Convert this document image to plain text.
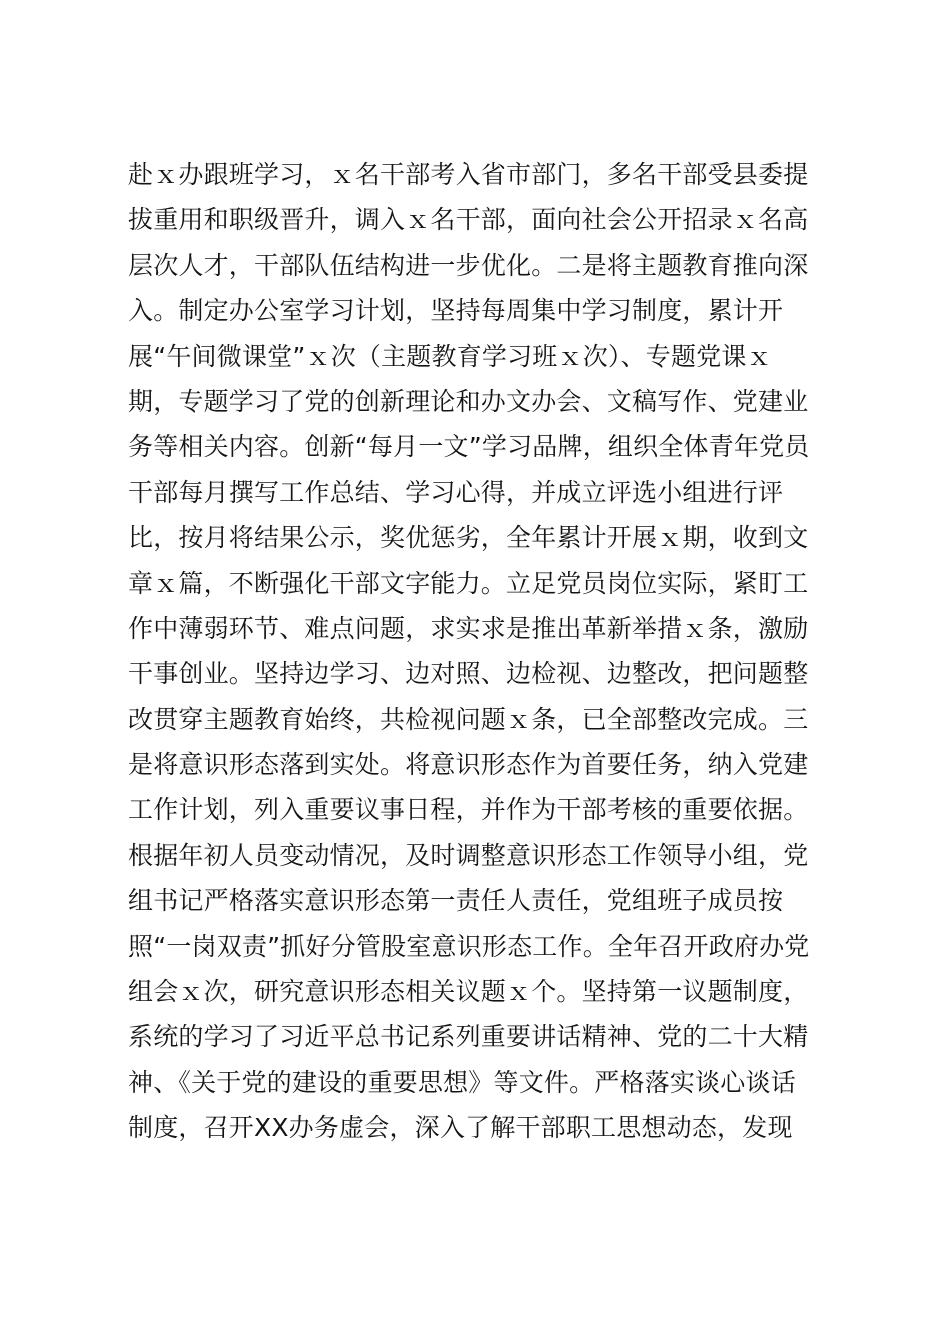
赴ｘ办跟班学习，ｘ名干部考入省市部门，多名干部受县委提
拔重用和职级晋升，调入ｘ名干部，面向社会公开招录ｘ名高
层次人才，干部队伍结构进一步优化。二是将主题教育推向深
入。制定办公室学习计划，坚持每周集中学习制度，累计开
展“午间微课堂”ｘ次（主题教育学习班ｘ次）、专题党课ｘ
期，专题学习了党的创新理论和办文办会、文稿写作、党建业
务等相关内容。创新“每月一文”学习品牌，组织全体青年党员
干部每月撰写工作总结、学习心得，并成立评选小组进行评
比，按月将结果公示，奖优惩劣，全年累计开展ｘ期，收到文
章ｘ篇，不断强化干部文字能力。立足党员岗位实际，紧盯工
作中薄弱环节、难点问题，求实求是推出革新举措ｘ条，激励
干事创业。坚持边学习、边对照、边检视、边整改，把问题整
改贯穿主题教育始终，共检视问题ｘ条，已全部整改完成。三
是将意识形态落到实处。将意识形态作为首要任务，纳入党建
工作计划，列入重要议事日程，并作为干部考核的重要依据。
根据年初人员变动情况，及时调整意识形态工作领导小组，党
组书记严格落实意识形态第一责任人责任，党组班子成员按
照“一岗双责”抓好分管股室意识形态工作。全年召开政府办党
组会ｘ次，研究意识形态相关议题ｘ个。坚持第一议题制度，
系统的学习了习近平总书记系列重要讲话精神、党的二十大精
神、《关于党的建设的重要思想》等文件。严格落实谈心谈话
制度，召开XX办务虚会，深入了解干部职工思想动态，发现
